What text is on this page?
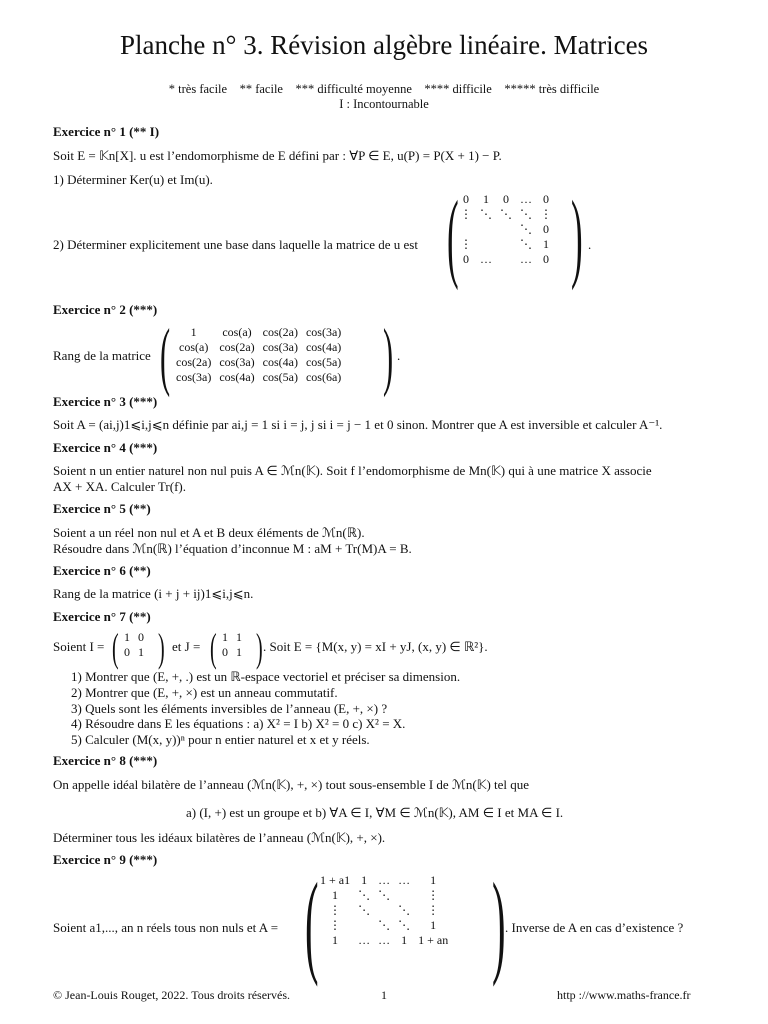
Planche n° 3. Révision algèbre linéaire. Matrices
* très facile    ** facile    *** difficulté moyenne    **** difficile    ***** très difficile
I : Incontournable
Exercice n° 1 (** I)
Soit E = 𝕂n[X]. u est l’endomorphisme de E défini par : ∀P ∈ E, u(P) = P(X + 1) − P.
1) Déterminer Ker(u) et Im(u).
2) Déterminer explicitement une base dans laquelle la matrice de u est ( 0	1	0	…	0
⋮	⋱	⋱	⋱	⋮
			⋱	0
⋮			⋱	1
0	…		…	0 ) .
Exercice n° 2 (***)
Rang de la matrice ( 1	cos(a)	cos(2a)	cos(3a)
cos(a)	cos(2a)	cos(3a)	cos(4a)
cos(2a)	cos(3a)	cos(4a)	cos(5a)
cos(3a)	cos(4a)	cos(5a)	cos(6a) ) .
Exercice n° 3 (***)
Soit A = (ai,j)1⩽i,j⩽n définie par ai,j = 1 si i = j, j si i = j − 1 et 0 sinon. Montrer que A est inversible et calculer A⁻¹.
Exercice n° 4 (***)
Soient n un entier naturel non nul puis A ∈ ℳn(𝕂). Soit f l’endomorphisme de Mn(𝕂) qui à une matrice X associe
AX + XA. Calculer Tr(f).
Exercice n° 5 (**)
Soient a un réel non nul et A et B deux éléments de ℳn(ℝ).
Résoudre dans ℳn(ℝ) l’équation d’inconnue M : aM + Tr(M)A = B.
Exercice n° 6 (**)
Rang de la matrice (i + j + ij)1⩽i,j⩽n.
Exercice n° 7 (**)
Soient I = ( 1	0
0	1 ) et J = ( 1	1
0	1 ) . Soit E = {M(x, y) = xI + yJ, (x, y) ∈ ℝ²}.
1) Montrer que (E, +, .) est un ℝ-espace vectoriel et préciser sa dimension.
2) Montrer que (E, +, ×) est un anneau commutatif.
3) Quels sont les éléments inversibles de l’anneau (E, +, ×) ?
4) Résoudre dans E les équations : a) X² = I b) X² = 0 c) X² = X.
5) Calculer (M(x, y))ⁿ pour n entier naturel et x et y réels.
Exercice n° 8 (***)
On appelle idéal bilatère de l’anneau (ℳn(𝕂), +, ×) tout sous-ensemble I de ℳn(𝕂) tel que
a) (I, +) est un groupe et b) ∀A ∈ I, ∀M ∈ ℳn(𝕂), AM ∈ I et MA ∈ I.
Déterminer tous les idéaux bilatères de l’anneau (ℳn(𝕂), +, ×).
Exercice n° 9 (***)
Soient a1,..., an n réels tous non nuls et A = ( 1 + a1	1	…	…	1
1	⋱	⋱		⋮
⋮	⋱		⋱	⋮
⋮		⋱	⋱	1
1	…	…	1	1 + an ) . Inverse de A en cas d’existence ?
© Jean-Louis Rouget, 2022. Tous droits réservés.	1	http ://www.maths-france.fr
